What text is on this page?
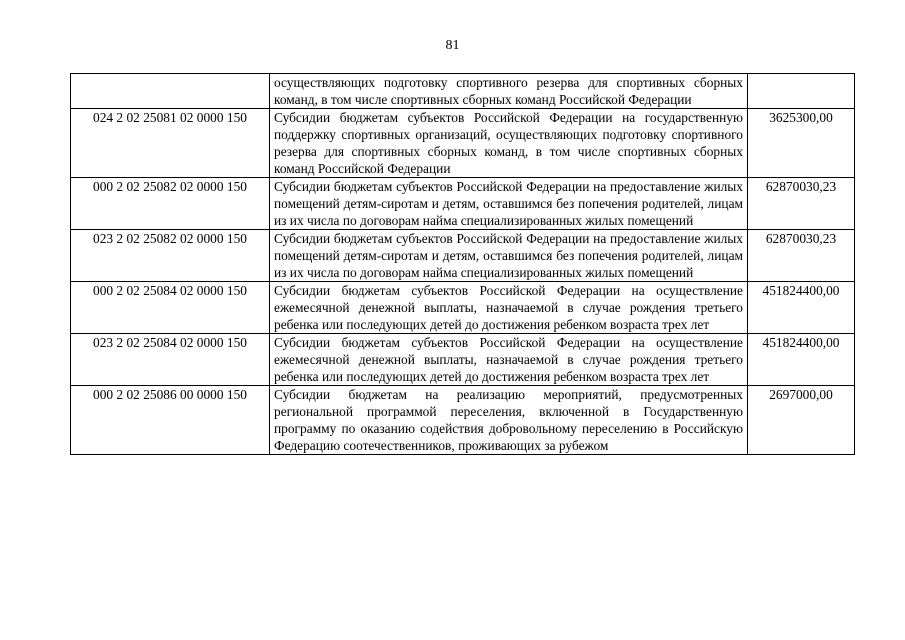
81
	осуществляющих подготовку спортивного резерва для спортивных сборных команд, в том числе спортивных сборных команд Российской Федерации	
024 2 02 25081 02 0000 150	Субсидии бюджетам субъектов Российской Федерации на государственную поддержку спортивных организаций, осуществляющих подготовку спортивного резерва для спортивных сборных команд, в том числе спортивных сборных команд Российской Федерации	3625300,00
000 2 02 25082 02 0000 150	Субсидии бюджетам субъектов Российской Федерации на предоставление жилых помещений детям-сиротам и детям, оставшимся без попечения родителей, лицам из их числа по договорам найма специализированных жилых помещений	62870030,23
023 2 02 25082 02 0000 150	Субсидии бюджетам субъектов Российской Федерации на предоставление жилых помещений детям-сиротам и детям, оставшимся без попечения родителей, лицам из их числа по договорам найма специализированных жилых помещений	62870030,23
000 2 02 25084 02 0000 150	Субсидии бюджетам субъектов Российской Федерации на осуществление ежемесячной денежной выплаты, назначаемой в случае рождения третьего ребенка или последующих детей до достижения ребенком возраста трех лет	451824400,00
023 2 02 25084 02 0000 150	Субсидии бюджетам субъектов Российской Федерации на осуществление ежемесячной денежной выплаты, назначаемой в случае рождения третьего ребенка или последующих детей до достижения ребенком возраста трех лет	451824400,00
000 2 02 25086 00 0000 150	Субсидии бюджетам на реализацию мероприятий, предусмотренных региональной программой переселения, включенной в Государственную программу по оказанию содействия добровольному переселению в Российскую Федерацию соотечественников, проживающих за рубежом	2697000,00
